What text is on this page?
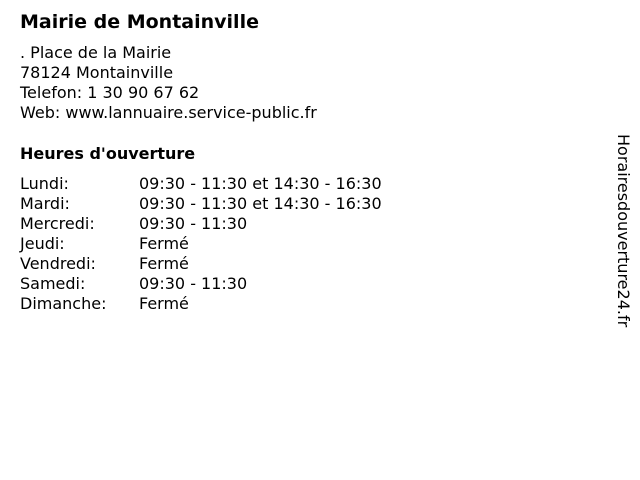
Mairie de Montainville
. Place de la Mairie
78124 Montainville
Telefon: 1 30 90 67 62
Web: www.lannuaire.service-public.fr
Heures d'ouverture
Lundi:	09:30 - 11:30 et 14:30 - 16:30
Mardi:	09:30 - 11:30 et 14:30 - 16:30
Mercredi:	09:30 - 11:30
Jeudi:	Fermé
Vendredi:	Fermé
Samedi:	09:30 - 11:30
Dimanche:	Fermé	Horairesdouverture24.fr
